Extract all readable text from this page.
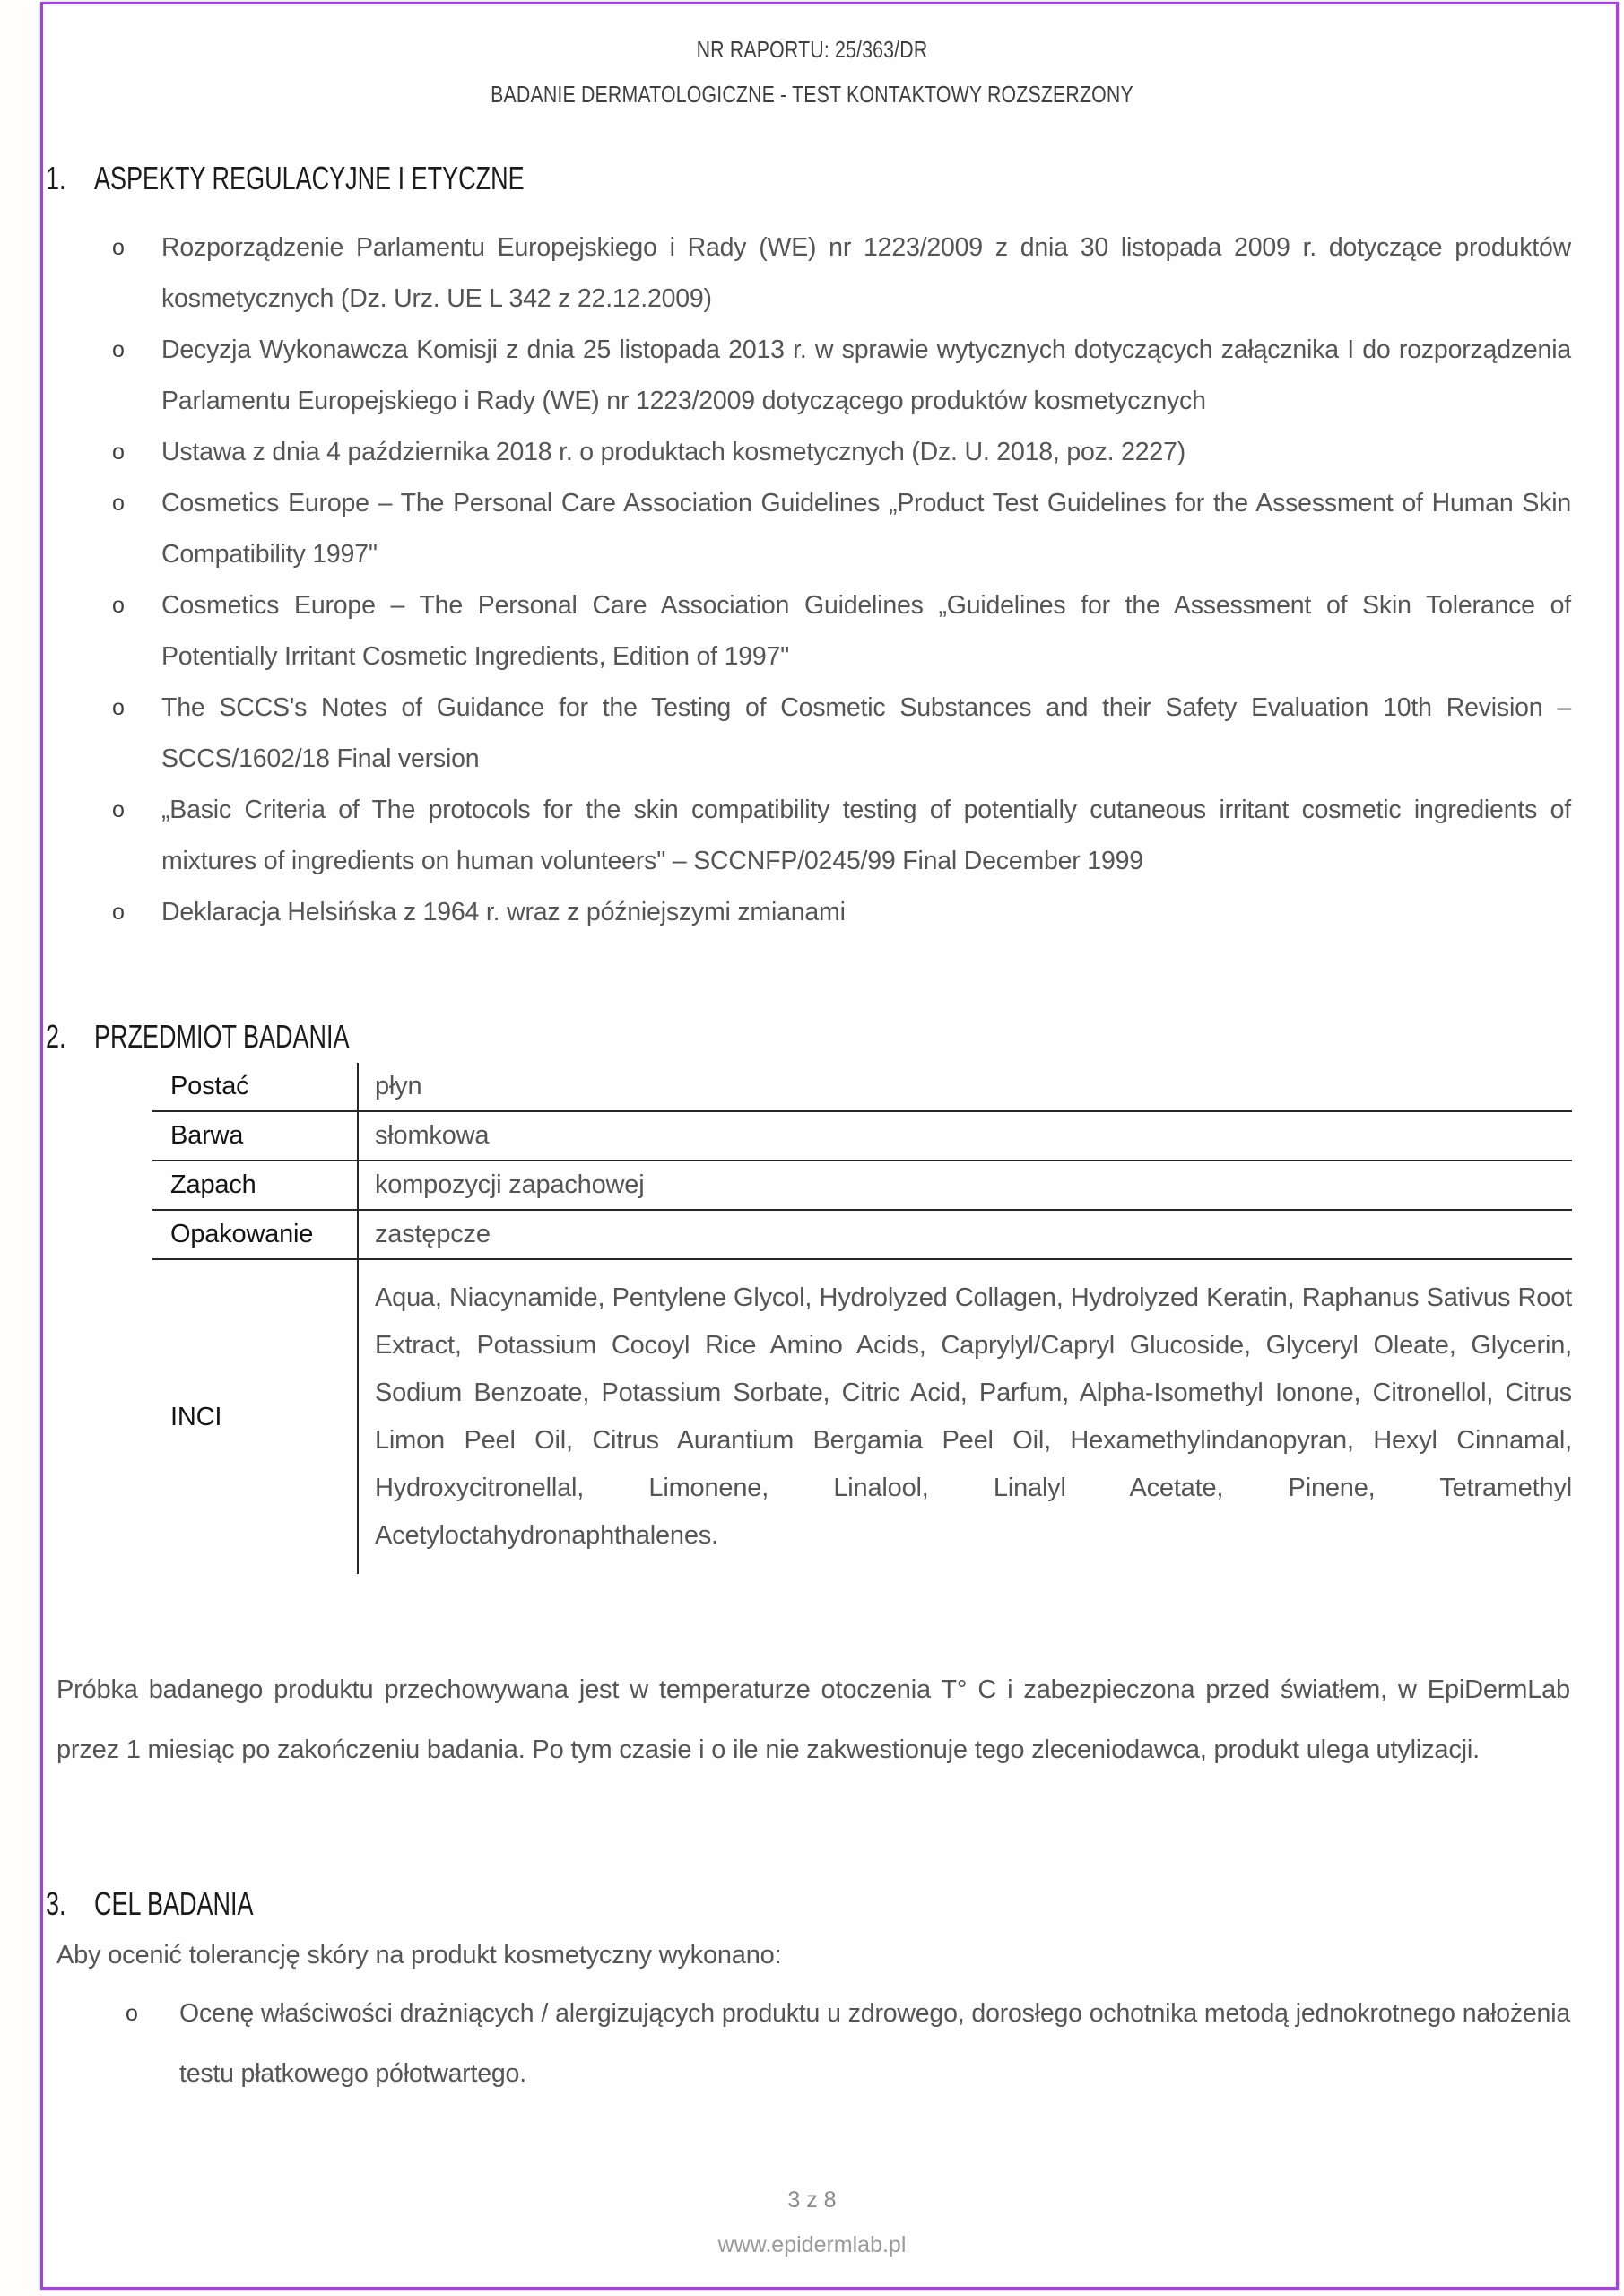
NR RAPORTU: 25/363/DR
BADANIE DERMATOLOGICZNE - TEST KONTAKTOWY ROZSZERZONY
1. ASPEKTY REGULACYJNE I ETYCZNE
o Rozporządzenie Parlamentu Europejskiego i Rady (WE) nr 1223/2009 z dnia 30 listopada 2009 r. dotyczące produktów kosmetycznych (Dz. Urz. UE L 342 z 22.12.2009)
o Decyzja Wykonawcza Komisji z dnia 25 listopada 2013 r. w sprawie wytycznych dotyczących załącznika I do rozporządzenia Parlamentu Europejskiego i Rady (WE) nr 1223/2009 dotyczącego produktów kosmetycznych
o Ustawa z dnia 4 października 2018 r. o produktach kosmetycznych (Dz. U. 2018, poz. 2227)
o Cosmetics Europe – The Personal Care Association Guidelines „Product Test Guidelines for the Assessment of Human Skin Compatibility 1997"
o Cosmetics Europe – The Personal Care Association Guidelines „Guidelines for the Assessment of Skin Tolerance of Potentially Irritant Cosmetic Ingredients, Edition of 1997"
o The SCCS's Notes of Guidance for the Testing of Cosmetic Substances and their Safety Evaluation 10th Revision – SCCS/1602/18 Final version
o „Basic Criteria of The protocols for the skin compatibility testing of potentially cutaneous irritant cosmetic ingredients of mixtures of ingredients on human volunteers" – SCCNFP/0245/99 Final December 1999
o Deklaracja Helsińska z 1964 r. wraz z późniejszymi zmianami
2. PRZEDMIOT BADANIA
Postać	płyn
Barwa	słomkowa
Zapach	kompozycji zapachowej
Opakowanie	zastępcze
INCI
Aqua, Niacynamide, Pentylene Glycol, Hydrolyzed Collagen, Hydrolyzed Keratin, Raphanus Sativus Root Extract, Potassium Cocoyl Rice Amino Acids, Caprylyl/Capryl Glucoside, Glyceryl Oleate, Glycerin, Sodium Benzoate, Potassium Sorbate, Citric Acid, Parfum, Alpha-Isomethyl Ionone, Citronellol, Citrus Limon Peel Oil, Citrus Aurantium Bergamia Peel Oil, Hexamethylindanopyran, Hexyl Cinnamal, Hydroxycitronellal, Limonene, Linalool, Linalyl Acetate, Pinene, Tetramethyl Acetyloctahydronaphthalenes.

Próbka badanego produktu przechowywana jest w temperaturze otoczenia T° C i zabezpieczona przed światłem, w EpiDermLab przez 1 miesiąc po zakończeniu badania. Po tym czasie i o ile nie zakwestionuje tego zleceniodawca, produkt ulega utylizacji.

3. CEL BADANIA
Aby ocenić tolerancję skóry na produkt kosmetyczny wykonano:
o Ocenę właściwości drażniących / alergizujących produktu u zdrowego, dorosłego ochotnika metodą jednokrotnego nałożenia testu płatkowego półotwartego.
3 z 8
www.epidermlab.pl
